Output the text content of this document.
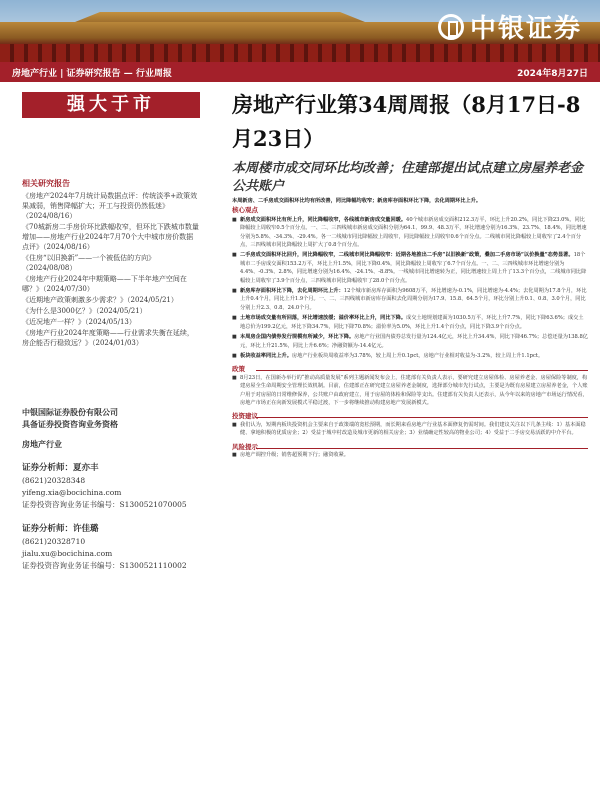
中银证券
房地产行业 | 证券研究报告 — 行业周报	2024年8月27日
强大于市	房地产行业第34周周报（8月17日-8月23日）
本周楼市成交同环比均改善；住建部提出试点建立房屋养老金公共账户
相关研究报告
《房地产2024年7月统计局数据点评：传统淡季+政策效果减弱，销售降幅扩大；开工与投资仍然低迷》（2024/08/16）
《70城新房二手房价环比跌幅收窄，但环比下跌城市数量增加——房地产行业2024年7月70个大中城市房价数据点评》（2024/08/16）
《住房“以旧换新”——一个被低估的方向》（2024/08/08）
《房地产行业2024年中期策略——下半年地产空间在哪？》（2024/07/30）
《近期地产政策刺激多少需求？》（2024/05/21）
《为什么是3000亿？》（2024/05/21）
《近况地产一样？》（2024/05/13）
《房地产行业2024年度策略——行业需求失衡在延续，房企能否行稳致远？》（2024/01/03）
中银国际证券股份有限公司
具备证券投资咨询业务资格
房地产行业
证券分析师：夏亦丰
(8621)20328348
yifeng.xia@bocichina.com
证券投资咨询业务证书编号：S1300521070005
证券分析师：许佳璐
(8621)20328710
jialu.xu@bocichina.com
证券投资咨询业务证书编号：S1300521110002
本周新房、二手房成交面积环比均有所改善，同比降幅均收窄；新房库存面积环比下降，去化周期环比上升。
核心观点
■ 新房成交面积环比有所上升，同比降幅收窄，各线城市新房成交量回暖。40个城市新房成交面积212.3万平，环比上升20.2%，同比下降23.0%。同比降幅较上周收窄0.5个百分点。一、二、三四线城市新房成交面积分别为64.1、99.9、48.3万平，环比增速分别为16.3%、23.7%、18.4%，同比增速分别为5.8%、-34.3%、-29.4%。各一二线城市同比降幅较上周收窄，同比降幅较上周收窄0.6个百分点。二线城市同比降幅较上周收窄了2.4个百分点，三四线城市同比降幅较上周扩大了0.8个百分点。
■ 二手房成交面积环比回升，同比降幅收窄，二线城市同比降幅收窄：近期各地推出二手房“以旧换新”政策，叠加二手房市场“以价换量”态势显著。18个城市二手房成交面积153.2万平，环比上升1.5%，同比下降0.4%，同比降幅较上周收窄了6.7个百分点。一、二、三四线城市环比增速分别为4.4%、-0.3%、2.8%，同比增速分别为16.4%、-24.1%、-8.8%。一线城市同比增速转为正，同比增速较上周上升了13.3个百分点，二线城市同比降幅较上周收窄了3.9个百分点，三四线城市同比降幅收窄了28.0个百分点。
■ 新房库存面积环比下降，去化周期环比上升：12个城市新房库存面积为9608万平，环比增速为-0.1%，同比增速为-4.4%；去化周期为17.8个月，环比上升0.4个月，同比上升1.9个月。一、二、三四线城市新房库存面积去化周期分别为17.9、15.8、64.5个月，环比分别上升0.1、0.8、3.0个月，同比分别上升2.3、0.8、24.0个月。
■ 土地市场成交量有所回落，环比增速放缓；溢价率环比上升，同比下降。成交土地规划建面为1030.5万平，环比上升7.7%，同比下降63.6%；成交土地总价为199.2亿元，环比下降34.7%，同比下降70.8%；溢价率为5.0%，环比上升1.4个百分点，同比下降3.9个百分点。
■ 本周房企国内债券发行规模有所减少，环比下降。房地产行业国内债券总发行量为124.4亿元，环比上升34.4%，同比下降46.7%；总偿还量为138.8亿元，环比上升21.5%，同比上升6.6%；净融资额为-14.4亿元。
■ 板块收益率同比上升。房地产行业板块周收益率为3.78%，较上周上升0.1pct，房地产行业相对收益为-3.2%，较上周上升1.1pct。
政策
■ 8月23日，在国新办举行的“推动高质量发展”系列主题新闻发布会上，住建部有关负责人表示，要研究建立房屋体检、房屋养老金、房屋保险等制度，构建房屋全生命周期安全管理长效机制。目前，住建部正在研究建立房屋养老金制度，选择部分城市先行试点，主要是为既有房屋建立房屋养老金，个人账户用于对房屋的日常维修保养，公共账户由政府建立，用于房屋的体检和保险等支出。住建部有关负责人还表示，从今年以来的房地产市场运行情况看，房地产市场正在向新发展模式平稳过渡，下一步将继续推动构建房地产发展新模式。
投资建议
■ 我们认为，短期内板块投资机会主要来自于政策端的宽松预期，而长期来看房地产行业基本面修复仍需时间。我们建议关注以下几条主线：1）基本面稳健、拿地积极的优质房企；2）受益于城中村改造及城市更新的相关房企；3）业绩确定性较高的物业公司；4）受益于二手房交易活跃的中介平台。
风险提示
■ 房地产调控升级；销售超预期下行；融资收紧。
